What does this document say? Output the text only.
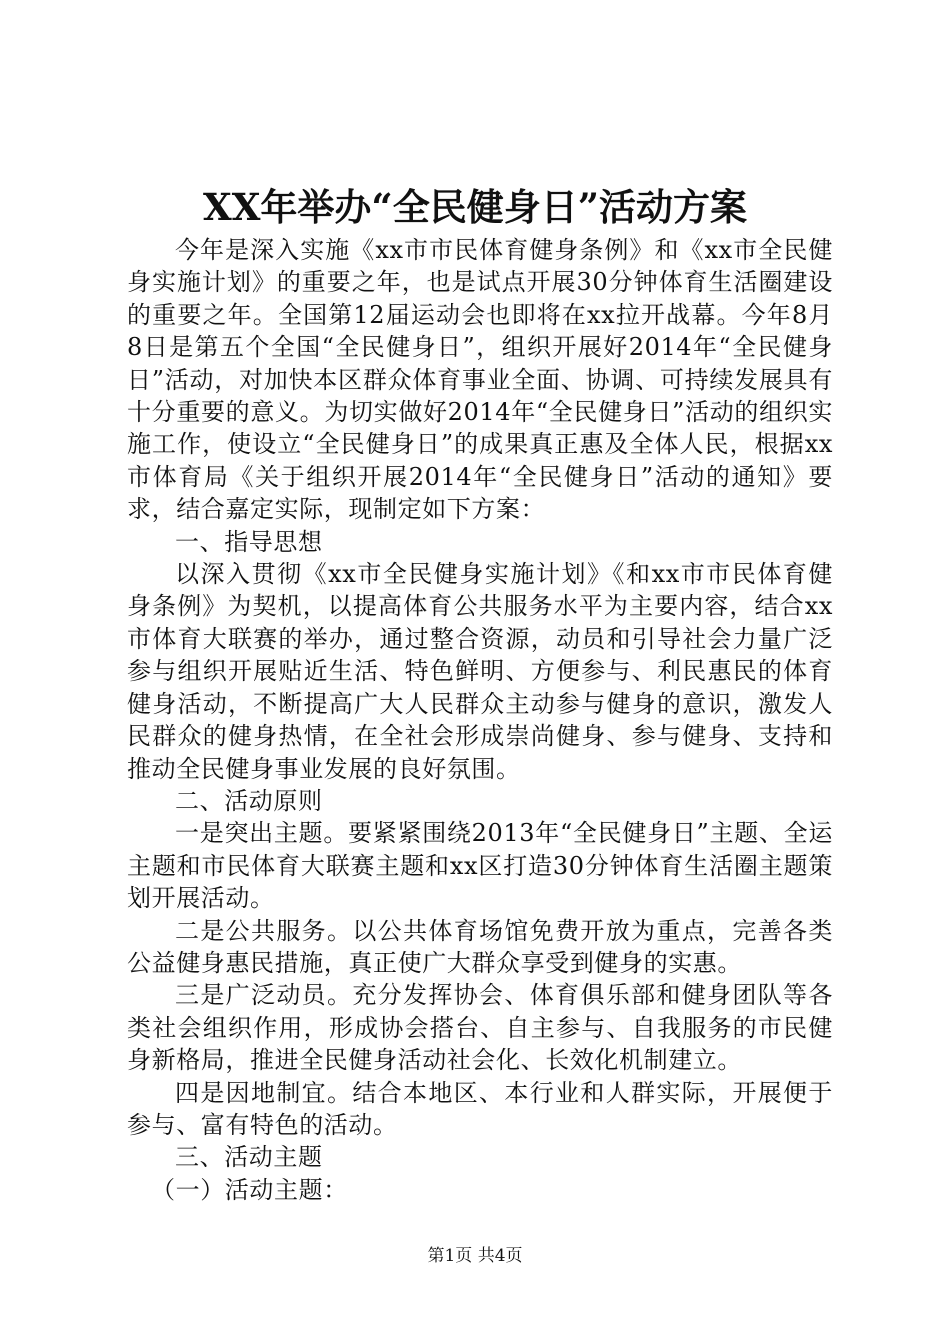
XX年举办“全民健身日”活动方案

今年是深入实施《xx市市民体育健身条例》和《xx市全民健身实施计划》的重要之年，也是试点开展30分钟体育生活圈建设的重要之年。全国第12届运动会也即将在xx拉开战幕。今年8月8日是第五个全国“全民健身日”，组织开展好2014年“全民健身日”活动，对加快本区群众体育事业全面、协调、可持续发展具有十分重要的意义。为切实做好2014年“全民健身日”活动的组织实施工作，使设立“全民健身日”的成果真正惠及全体人民，根据xx市体育局《关于组织开展2014年“全民健身日”活动的通知》要求，结合嘉定实际，现制定如下方案：

一、指导思想

以深入贯彻《xx市全民健身实施计划》《和xx市市民体育健身条例》为契机，以提高体育公共服务水平为主要内容，结合xx市体育大联赛的举办，通过整合资源，动员和引导社会力量广泛参与组织开展贴近生活、特色鲜明、方便参与、利民惠民的体育健身活动，不断提高广大人民群众主动参与健身的意识，激发人民群众的健身热情，在全社会形成崇尚健身、参与健身、支持和推动全民健身事业发展的良好氛围。

二、活动原则

一是突出主题。要紧紧围绕2013年“全民健身日”主题、全运主题和市民体育大联赛主题和xx区打造30分钟体育生活圈主题策划开展活动。

二是公共服务。以公共体育场馆免费开放为重点，完善各类公益健身惠民措施，真正使广大群众享受到健身的实惠。

三是广泛动员。充分发挥协会、体育俱乐部和健身团队等各类社会组织作用，形成协会搭台、自主参与、自我服务的市民健身新格局，推进全民健身活动社会化、长效化机制建立。

四是因地制宜。结合本地区、本行业和人群实际，开展便于参与、富有特色的活动。

三、活动主题

（一）活动主题：

第1页 共4页
